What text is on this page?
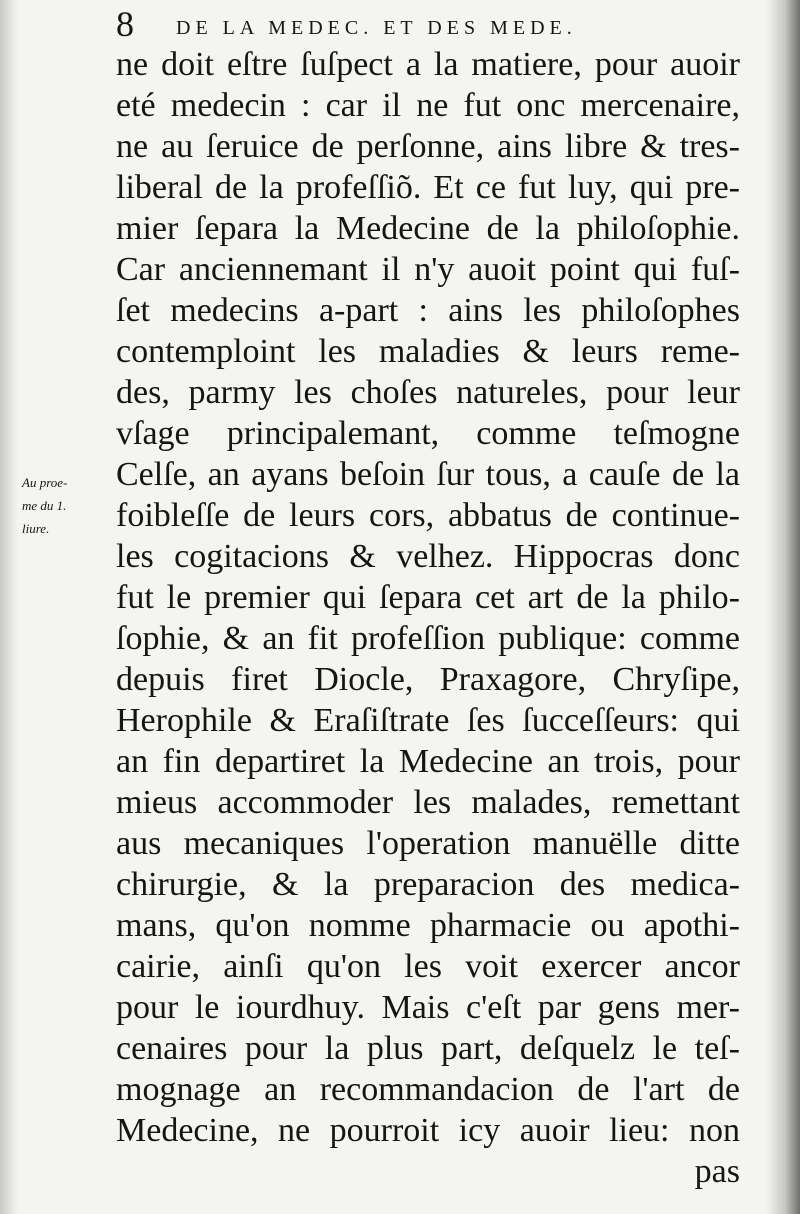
8 DE LA MEDEC. ET DES MEDE.
Au proe-
me du 1.
liure.
ne doit eſtre ſuſpect a la matiere, pour auoir
eté medecin : car il ne fut onc mercenaire,
ne au ſeruice de perſonne, ains libre & tres-
liberal de la profeſſiõ. Et ce fut luy, qui pre-
mier ſepara la Medecine de la philoſophie.
Car anciennemant il n'y auoit point qui fuſ-
ſet medecins a-part : ains les philoſophes
contemploint les maladies & leurs reme-
des, parmy les choſes natureles, pour leur
vſage principalemant, comme teſmogne
Celſe, an ayans beſoin ſur tous, a cauſe de la
foibleſſe de leurs cors, abbatus de continue-
les cogitacions & velhez. Hippocras donc
fut le premier qui ſepara cet art de la philo-
ſophie, & an fit profeſſion publique: comme
depuis firet Diocle, Praxagore, Chryſipe,
Herophile & Eraſiſtrate ſes ſucceſſeurs: qui
an fin departiret la Medecine an trois, pour
mieus accommoder les malades, remettant
aus mecaniques l'operation manuëlle ditte
chirurgie, & la preparacion des medica-
mans, qu'on nomme pharmacie ou apothi-
cairie, ainſi qu'on les voit exercer ancor
pour le iourdhuy. Mais c'eſt par gens mer-
cenaires pour la plus part, deſquelz le teſ-
mognage an recommandacion de l'art de
Medecine, ne pourroit icy auoir lieu: non
pas
